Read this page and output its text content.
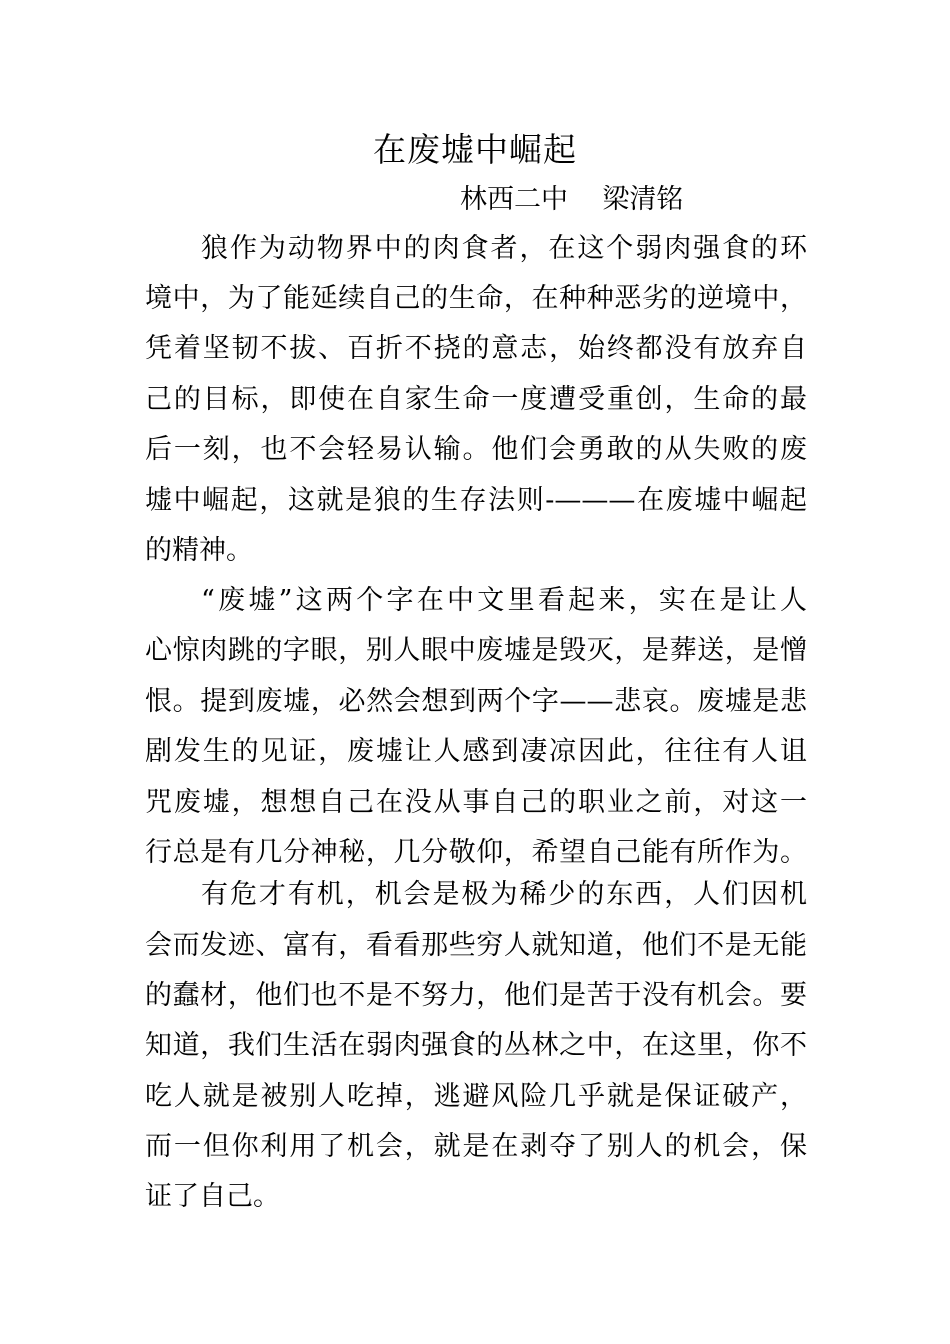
在废墟中崛起

林西二中    梁清铭

狼作为动物界中的肉食者，在这个弱肉强食的环

境中，为了能延续自己的生命，在种种恶劣的逆境中，

凭着坚韧不拔、百折不挠的意志，始终都没有放弃自

己的目标，即使在自家生命一度遭受重创，生命的最

后一刻，也不会轻易认输。他们会勇敢的从失败的废

墟中崛起，这就是狼的生存法则-———在废墟中崛起

的精神。

“废墟”这两个字在中文里看起来，实在是让人

心惊肉跳的字眼，别人眼中废墟是毁灭，是葬送，是憎

恨。提到废墟，必然会想到两个字——悲哀。废墟是悲

剧发生的见证，废墟让人感到凄凉因此，往往有人诅

咒废墟，想想自己在没从事自己的职业之前，对这一

行总是有几分神秘，几分敬仰，希望自己能有所作为。

有危才有机，机会是极为稀少的东西，人们因机

会而发迹、富有，看看那些穷人就知道，他们不是无能

的蠢材，他们也不是不努力，他们是苦于没有机会。要

知道，我们生活在弱肉强食的丛林之中，在这里，你不

吃人就是被别人吃掉，逃避风险几乎就是保证破产，

而一但你利用了机会，就是在剥夺了别人的机会，保

证了自己。
